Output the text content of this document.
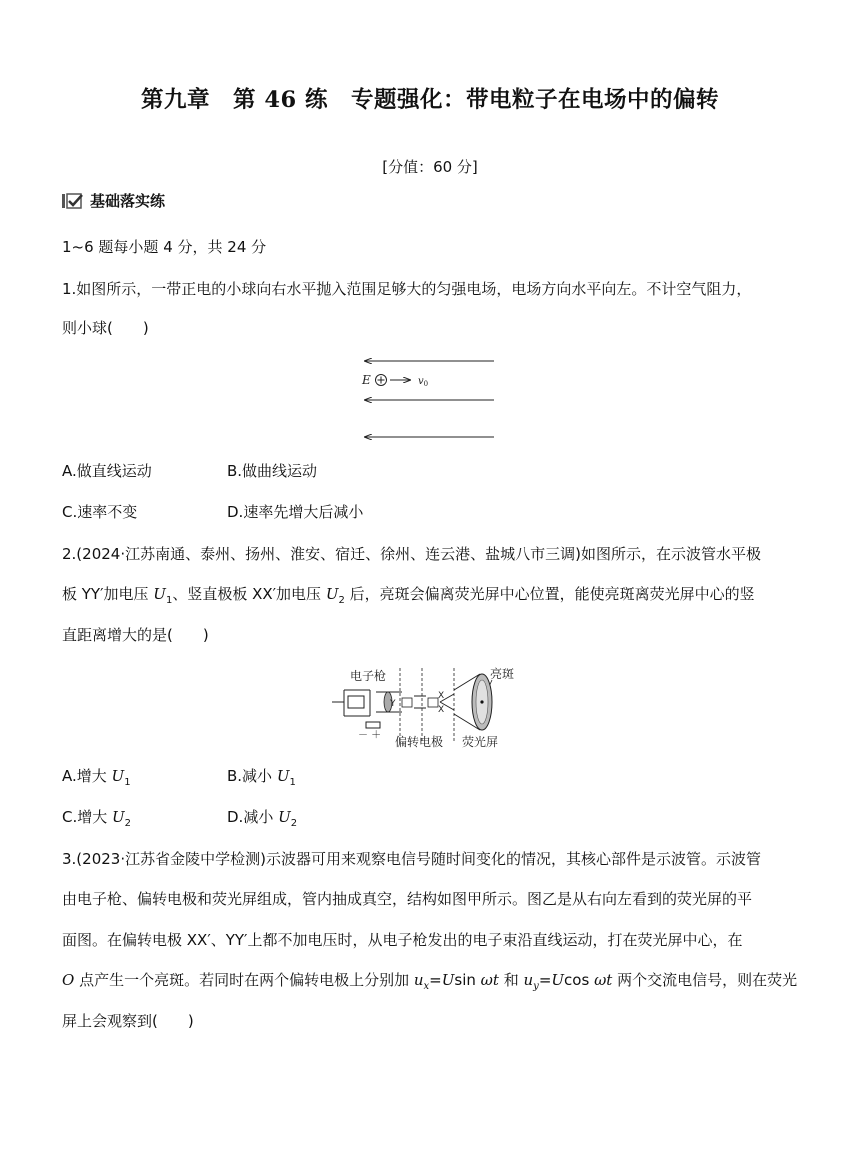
第九章　第 46 练　专题强化：带电粒子在电场中的偏转
[分值：60 分]
基础落实练
1~6 题每小题 4 分，共 24 分
1.如图所示，一带正电的小球向右水平抛入范围足够大的匀强电场，电场方向水平向左。不计空气阻力，
则小球(　　)
E	$v_0$
A.做直线运动	B.做曲线运动
C.速率不变	D.速率先增大后减小
2.(2024·江苏南通、泰州、扬州、淮安、宿迁、徐州、连云港、盐城八市三调)如图所示，在示波管水平极
板 YY′加电压 $U_1$、竖直极板 XX′加电压 $U_2$ 后，亮斑会偏离荧光屏中心位置，能使亮斑离荧光屏中心的竖
直距离增大的是(　　)
电子枪	亮斑
－ ＋
Y
X
X
偏转电极 荧光屏
A.增大 $U_1$	B.减小 $U_1$
C.增大 $U_2$	D.减小 $U_2$
3.(2023·江苏省金陵中学检测)示波器可用来观察电信号随时间变化的情况，其核心部件是示波管。示波管
由电子枪、偏转电极和荧光屏组成，管内抽成真空，结构如图甲所示。图乙是从右向左看到的荧光屏的平
面图。在偏转电极 XX′、YY′上都不加电压时，从电子枪发出的电子束沿直线运动，打在荧光屏中心，在
O 点产生一个亮斑。若同时在两个偏转电极上分别加 $u_x=Usin$ ωt 和 $u_y=Ucos$ ωt 两个交流电信号，则在荧光
屏上会观察到(　　)
